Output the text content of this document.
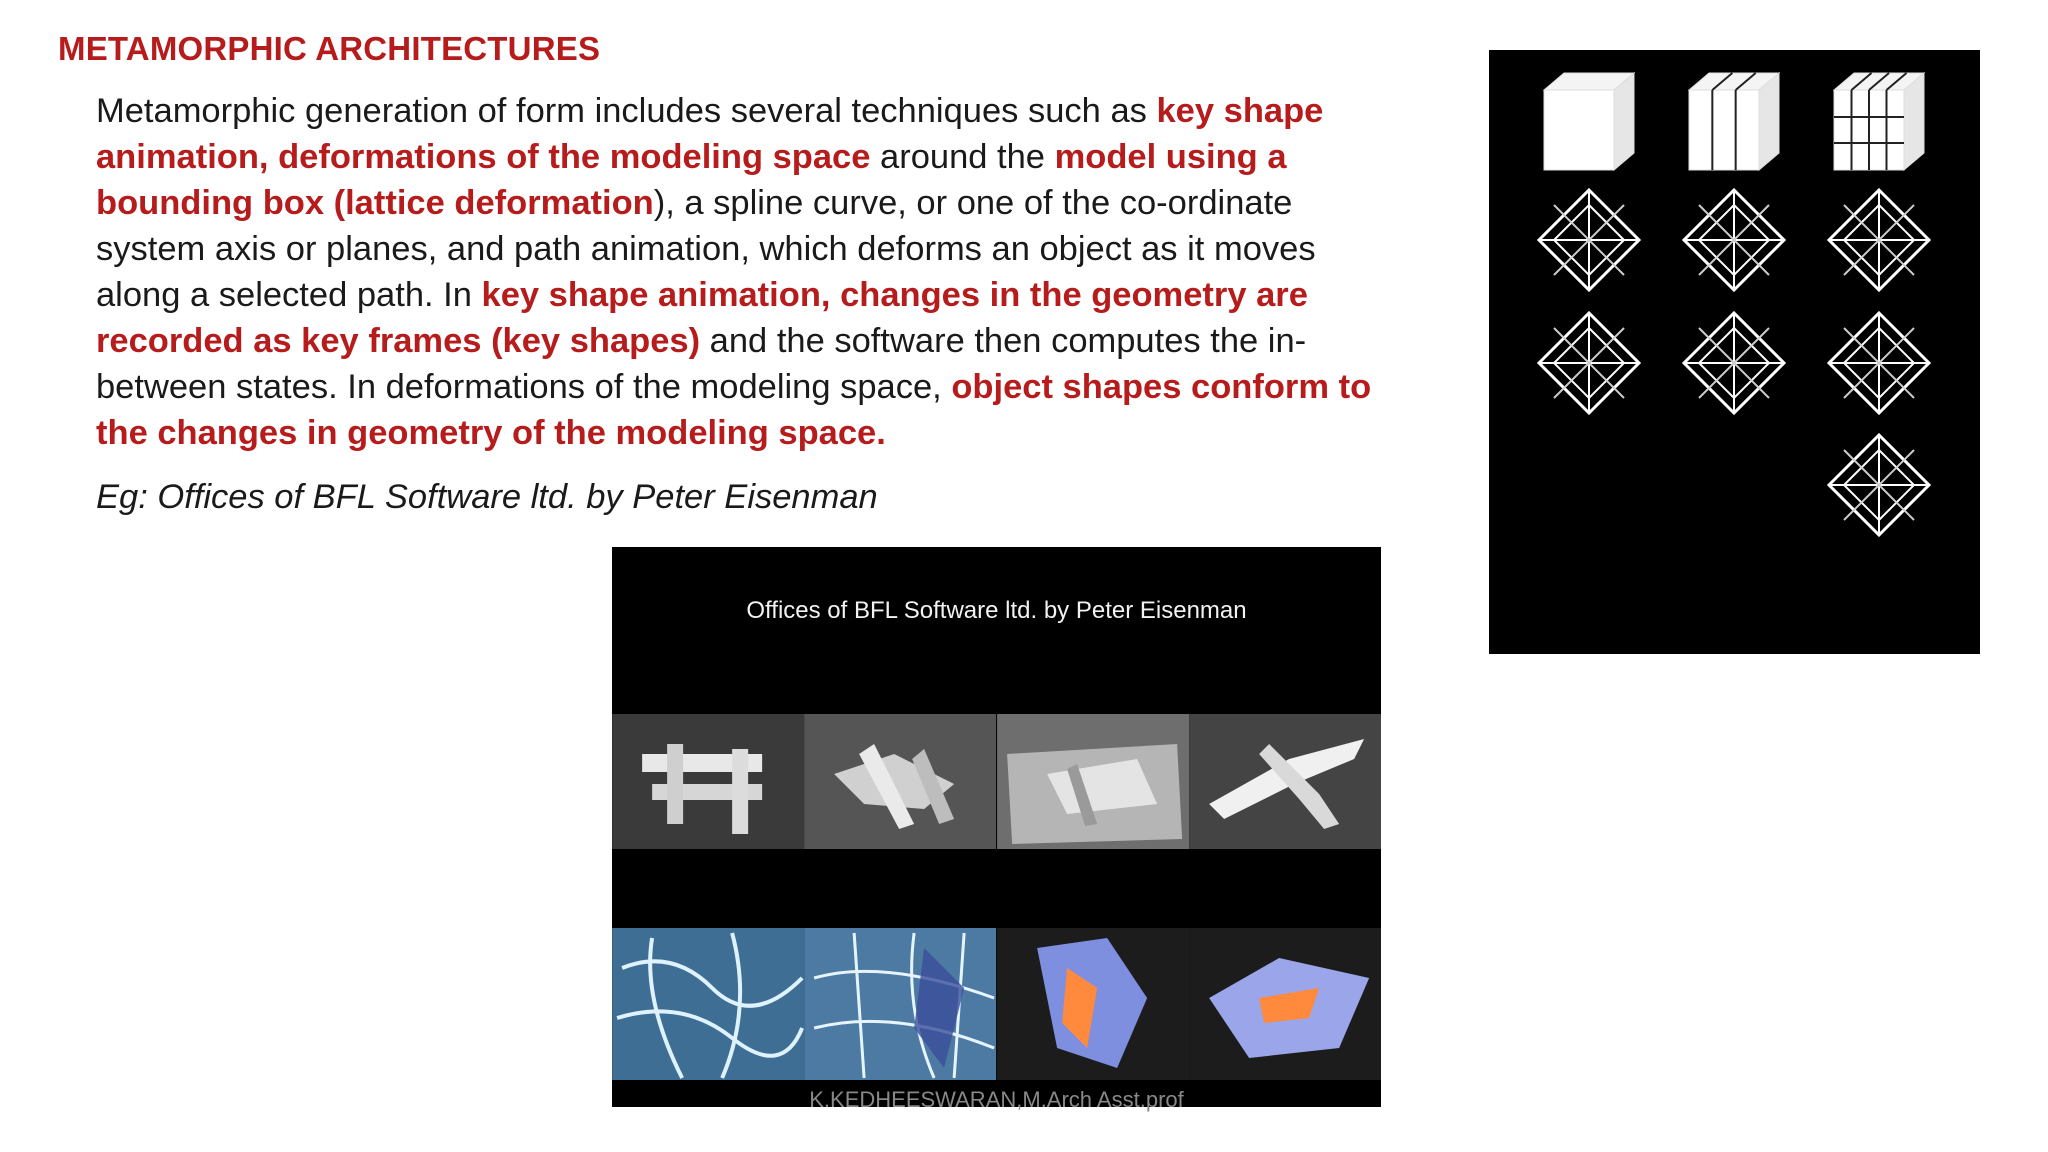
METAMORPHIC ARCHITECTURES
Metamorphic generation of form includes several techniques such as key shape animation, deformations of the modeling space around the model using a bounding box (lattice deformation), a spline curve, or one of the co-ordinate system axis or planes, and path animation, which deforms an object as it moves along a selected path. In key shape animation, changes in the geometry are recorded as key frames (key shapes) and the software then computes the in-between states. In deformations of the modeling space, object shapes conform to the changes in geometry of the modeling space.
Eg: Offices of BFL Software ltd. by Peter Eisenman
Offices of BFL Software ltd. by Peter Eisenman
K.KEDHEESWARAN,M.Arch Asst.prof
